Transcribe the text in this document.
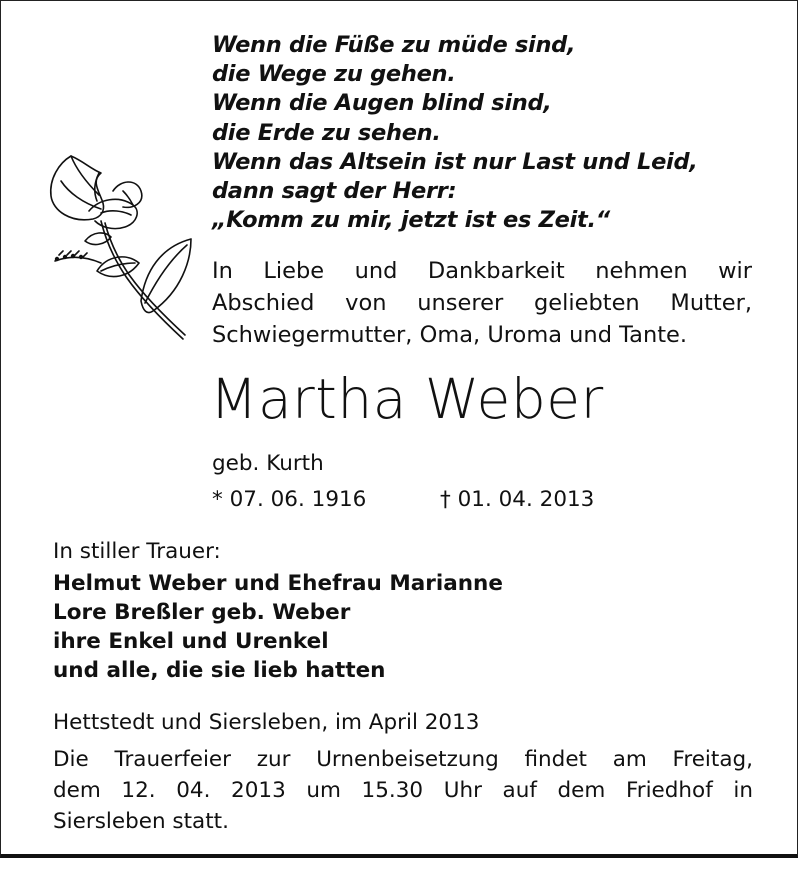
Wenn die Füße zu müde sind,
die Wege zu gehen.
Wenn die Augen blind sind,
die Erde zu sehen.
Wenn das Altsein ist nur Last und Leid,
dann sagt der Herr:
„Komm zu mir, jetzt ist es Zeit.“
In Liebe und Dankbarkeit nehmen wir
Abschied von unserer geliebten Mutter,
Schwiegermutter, Oma, Uroma und Tante.
Martha Weber
geb. Kurth
* 07. 06. 1916	† 01. 04. 2013
In stiller Trauer:
Helmut Weber und Ehefrau Marianne
Lore Breßler geb. Weber
ihre Enkel und Urenkel
und alle, die sie lieb hatten
Hettstedt und Siersleben, im April 2013
Die Trauerfeier zur Urnenbeisetzung findet am Freitag,
dem 12. 04. 2013 um 15.30 Uhr auf dem Friedhof in
Siersleben statt.
